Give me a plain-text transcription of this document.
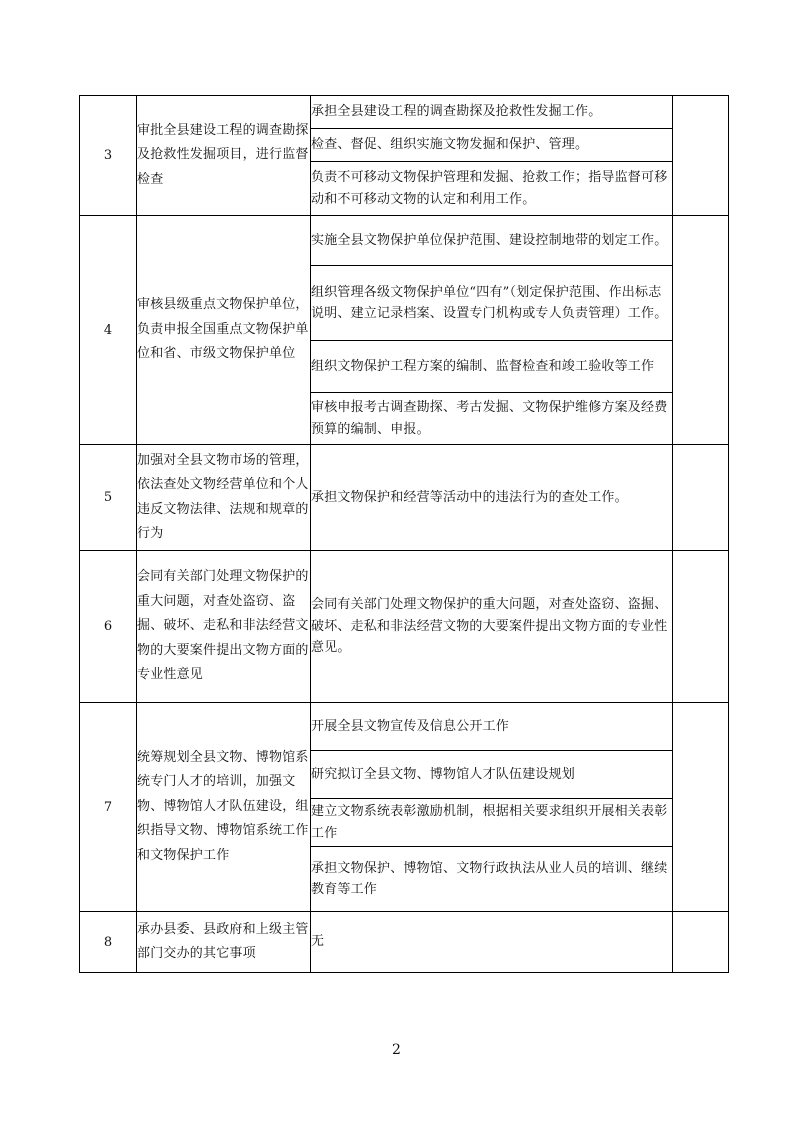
3	审批全县建设工程的调查勘探及抢救性发掘项目，进行监督检查	承担全县建设工程的调查勘探及抢救性发掘工作。	
		检查、督促、组织实施文物发掘和保护、管理。	
		负责不可移动文物保护管理和发掘、抢救工作；指导监督可移动和不可移动文物的认定和利用工作。	
4	审核县级重点文物保护单位，负责申报全国重点文物保护单位和省、市级文物保护单位	实施全县文物保护单位保护范围、建设控制地带的划定工作。	
		组织管理各级文物保护单位“四有”（划定保护范围、作出标志说明、建立记录档案、设置专门机构或专人负责管理）工作。	
		组织文物保护工程方案的编制、监督检查和竣工验收等工作	
		审核申报考古调查勘探、考古发掘、文物保护维修方案及经费预算的编制、申报。	
5	加强对全县文物市场的管理，依法查处文物经营单位和个人违反文物法律、法规和规章的行为	承担文物保护和经营等活动中的违法行为的查处工作。	
6	会同有关部门处理文物保护的重大问题，对查处盗窃、盗掘、破坏、走私和非法经营文物的大要案件提出文物方面的专业性意见	会同有关部门处理文物保护的重大问题，对查处盗窃、盗掘、破坏、走私和非法经营文物的大要案件提出文物方面的专业性意见。	
7	统筹规划全县文物、博物馆系统专门人才的培训，加强文物、博物馆人才队伍建设，组织指导文物、博物馆系统工作和文物保护工作	开展全县文物宣传及信息公开工作	
		研究拟订全县文物、博物馆人才队伍建设规划	
		建立文物系统表彰激励机制，根据相关要求组织开展相关表彰工作	
		承担文物保护、博物馆、文物行政执法从业人员的培训、继续教育等工作	
8	承办县委、县政府和上级主管部门交办的其它事项	无	
2
